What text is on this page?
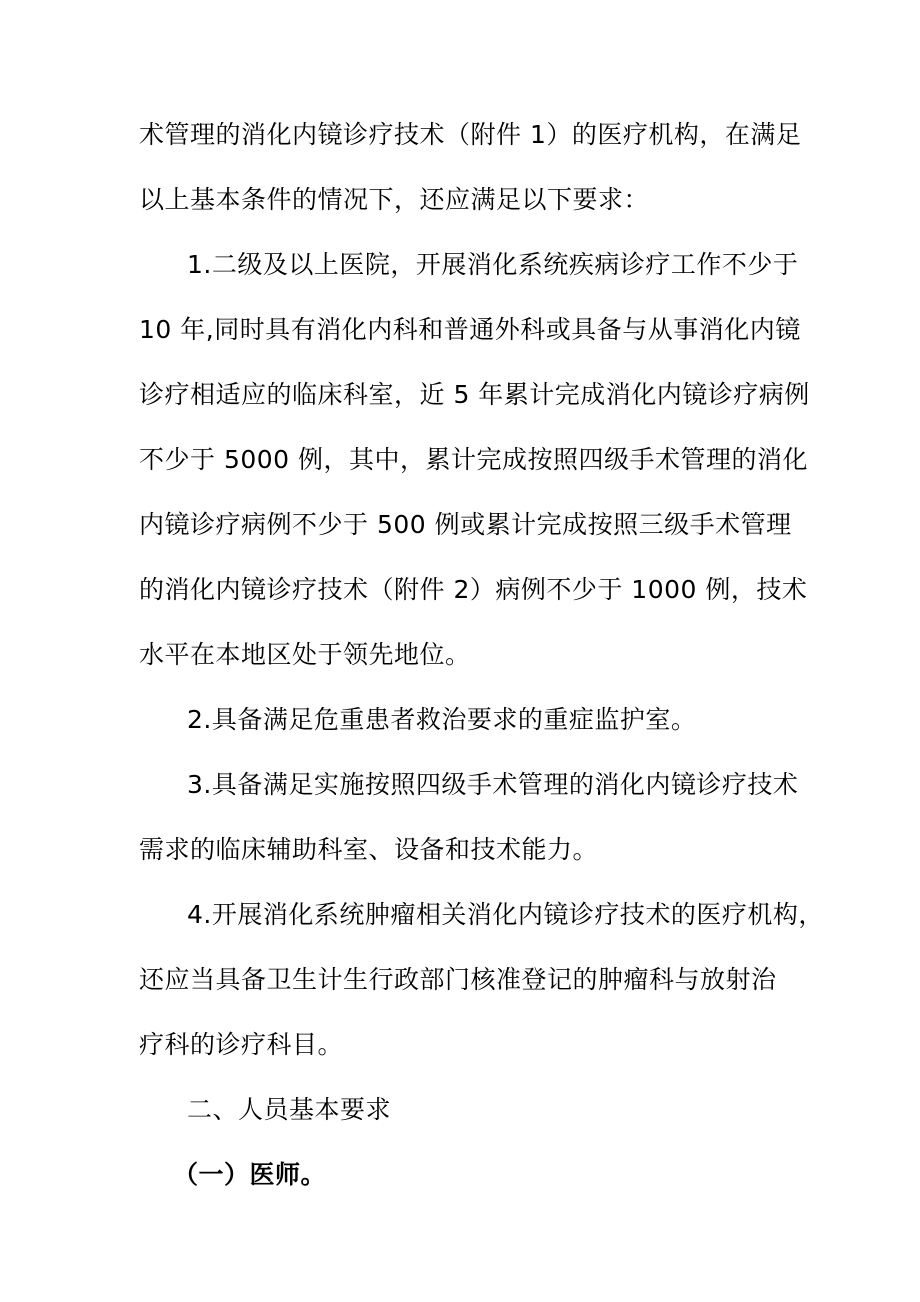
术管理的消化内镜诊疗技术（附件 1）的医疗机构，在满足
以上基本条件的情况下，还应满足以下要求：
1.二级及以上医院，开展消化系统疾病诊疗工作不少于
10 年,同时具有消化内科和普通外科或具备与从事消化内镜
诊疗相适应的临床科室，近 5 年累计完成消化内镜诊疗病例
不少于 5000 例，其中，累计完成按照四级手术管理的消化
内镜诊疗病例不少于 500 例或累计完成按照三级手术管理
的消化内镜诊疗技术（附件 2）病例不少于 1000 例，技术
水平在本地区处于领先地位。
2.具备满足危重患者救治要求的重症监护室。
3.具备满足实施按照四级手术管理的消化内镜诊疗技术
需求的临床辅助科室、设备和技术能力。
4.开展消化系统肿瘤相关消化内镜诊疗技术的医疗机构，
还应当具备卫生计生行政部门核准登记的肿瘤科与放射治
疗科的诊疗科目。
二、人员基本要求
（一）医师。
